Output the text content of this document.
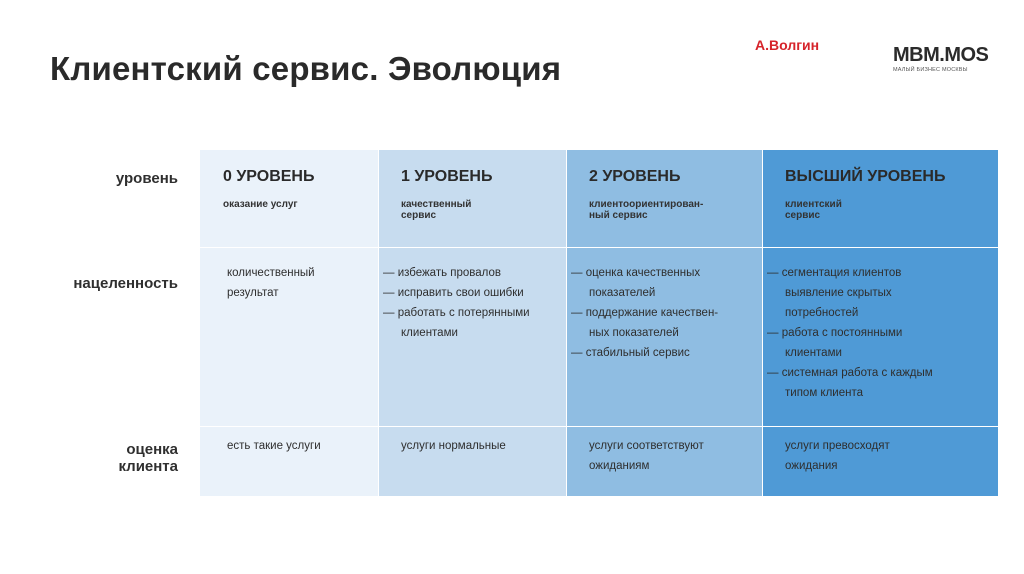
Клиентский сервис. Эволюция
А.Волгин	MBM.MOS
МАЛЫЙ БИЗНЕС МОСКВЫ
уровень
нацеленность
оценка
клиента
0 УРОВЕНЬ
оказание услуг
количественный
результат
есть такие услуги
1 УРОВЕНЬ
качественный
сервис
— избежать провалов
— исправить свои ошибки
— работать с потерянными
клиентами
услуги нормальные
2 УРОВЕНЬ
клиентоориентирован-
ный сервис
— оценка качественных
показателей
— поддержание качествен-
ных показателей
— стабильный сервис
услуги соответствуют
ожиданиям
ВЫСШИЙ УРОВЕНЬ
клиентский
сервис
— сегментация клиентов
выявление скрытых
потребностей
— работа с постоянными
клиентами
— системная работа с каждым
типом клиента
услуги превосходят
ожидания
